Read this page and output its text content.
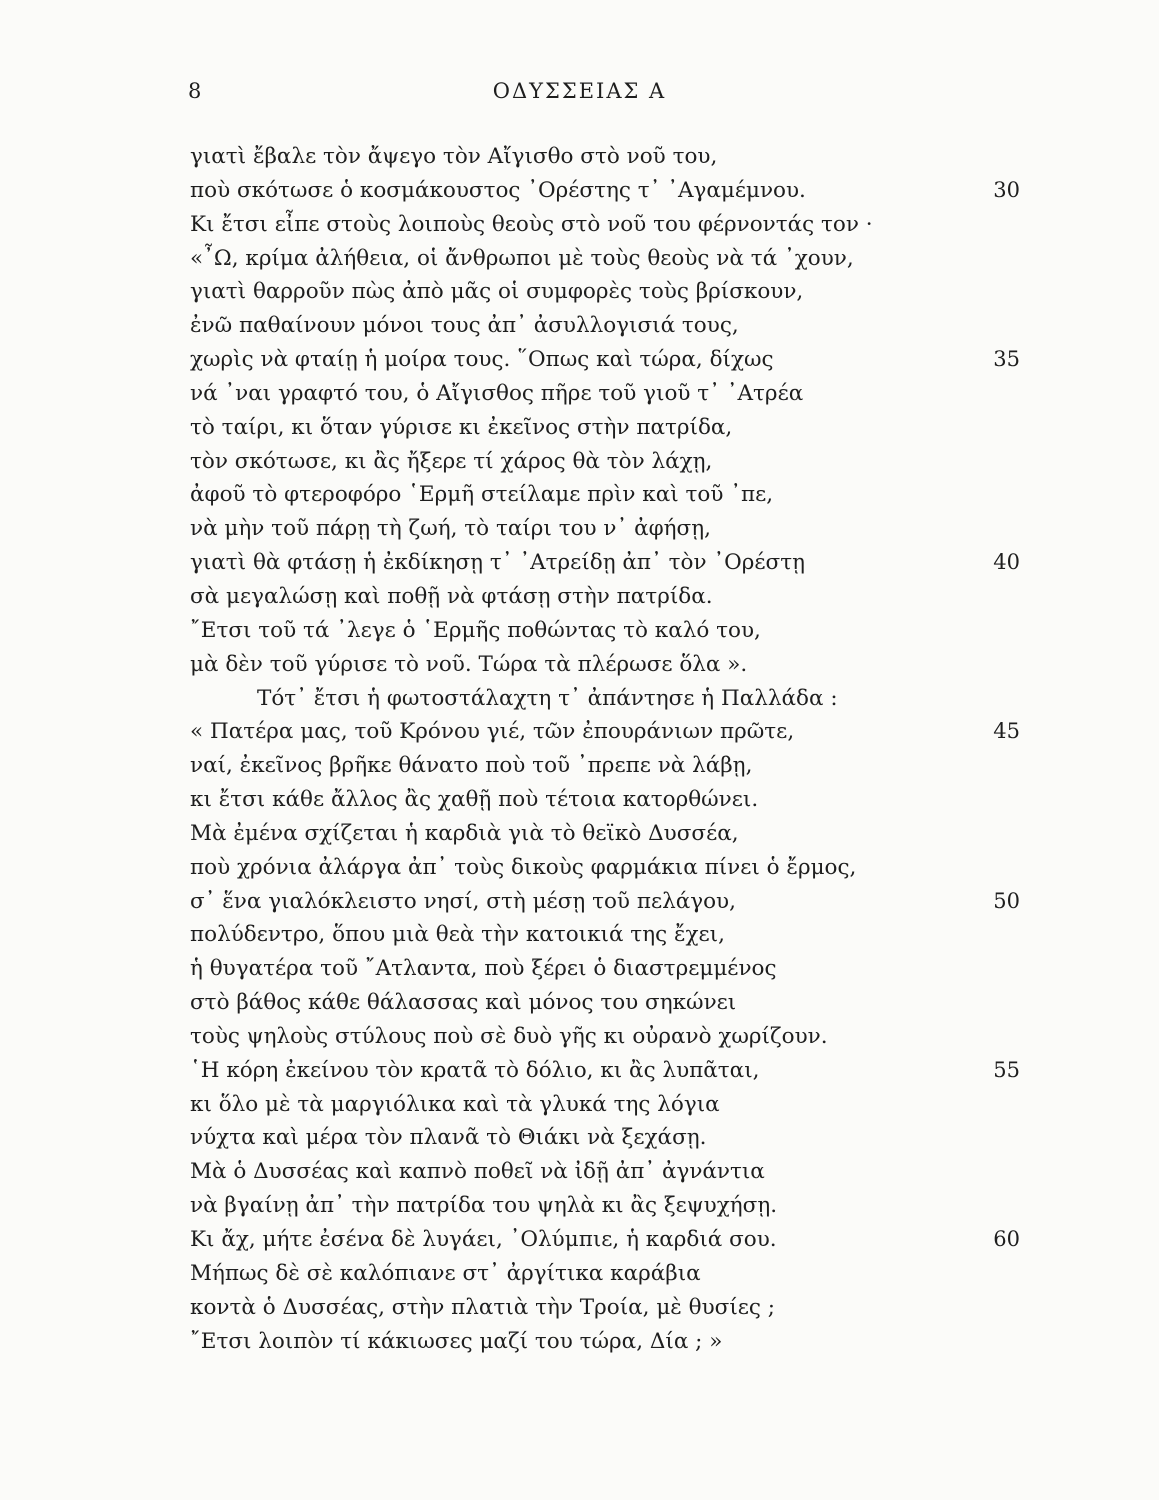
8	ΟΔΥΣΣΕΙΑΣ Α
γιατὶ ἔβαλε τὸν ἄψεγο τὸν Αἴγισθο στὸ νοῦ του,
ποὺ σκότωσε ὁ κοσμάκουστος ᾿Ορέστης τ᾿ ᾿Αγαμέμνου.	30
Κι ἔτσι εἶπε στοὺς λοιποὺς θεοὺς στὸ νοῦ του φέρνοντάς τον ·
«῏Ω, κρίμα ἀλήθεια, οἱ ἄνθρωποι μὲ τοὺς θεοὺς νὰ τά ᾿χουν,
γιατὶ θαρροῦν πὼς ἀπὸ μᾶς οἱ συμφορὲς τοὺς βρίσκουν,
ἐνῶ παθαίνουν μόνοι τους ἀπ᾿ ἀσυλλογισιά τους,
χωρὶς νὰ φταίῃ ἡ μοίρα τους. ῞Οπως καὶ τώρα, δίχως	35
νά ᾿ναι γραφτό του, ὁ Αἴγισθος πῆρε τοῦ γιοῦ τ᾿ ᾿Ατρέα
τὸ ταίρι, κι ὅταν γύρισε κι ἐκεῖνος στὴν πατρίδα,
τὸν σκότωσε, κι ἂς ἤξερε τί χάρος θὰ τὸν λάχῃ,
ἀφοῦ τὸ φτεροφόρο ῾Ερμῆ στείλαμε πρὶν καὶ τοῦ ᾿πε,
νὰ μὴν τοῦ πάρῃ τὴ ζωή, τὸ ταίρι του ν᾿ ἀφήσῃ,
γιατὶ θὰ φτάσῃ ἡ ἐκδίκησῃ τ᾿ ᾿Ατρείδῃ ἀπ᾿ τὸν ᾿Ορέστῃ	40
σὰ μεγαλώσῃ καὶ ποθῇ νὰ φτάσῃ στὴν πατρίδα.
῎Ετσι τοῦ τά ᾿λεγε ὁ ῾Ερμῆς ποθώντας τὸ καλό του,
μὰ δὲν τοῦ γύρισε τὸ νοῦ. Τώρα τὰ πλέρωσε ὅλα ».
Τότ᾿ ἔτσι ἡ φωτοστάλαχτη τ᾿ ἀπάντησε ἡ Παλλάδα :
« Πατέρα μας, τοῦ Κρόνου γιέ, τῶν ἐπουράνιων πρῶτε,	45
ναί, ἐκεῖνος βρῆκε θάνατο ποὺ τοῦ ᾿πρεπε νὰ λάβῃ,
κι ἔτσι κάθε ἄλλος ἂς χαθῇ ποὺ τέτοια κατορθώνει.
Μὰ ἐμένα σχίζεται ἡ καρδιὰ γιὰ τὸ θεϊκὸ Δυσσέα,
ποὺ χρόνια ἀλάργα ἀπ᾿ τοὺς δικοὺς φαρμάκια πίνει ὁ ἔρμος,
σ᾿ ἕνα γιαλόκλειστο νησί, στὴ μέσῃ τοῦ πελάγου,	50
πολύδεντρο, ὅπου μιὰ θεὰ τὴν κατοικιά της ἔχει,
ἡ θυγατέρα τοῦ ῎Ατλαντα, ποὺ ξέρει ὁ διαστρεμμένος
στὸ βάθος κάθε θάλασσας καὶ μόνος του σηκώνει
τοὺς ψηλοὺς στύλους ποὺ σὲ δυὸ γῆς κι οὐρανὸ χωρίζουν.
῾Η κόρη ἐκείνου τὸν κρατᾶ τὸ δόλιο, κι ἂς λυπᾶται,	55
κι ὅλο μὲ τὰ μαργιόλικα καὶ τὰ γλυκά της λόγια
νύχτα καὶ μέρα τὸν πλανᾶ τὸ Θιάκι νὰ ξεχάσῃ.
Μὰ ὁ Δυσσέας καὶ καπνὸ ποθεῖ νὰ ἰδῇ ἀπ᾿ ἀγνάντια
νὰ βγαίνῃ ἀπ᾿ τὴν πατρίδα του ψηλὰ κι ἂς ξεψυχήσῃ.
Κι ἄχ, μήτε ἐσένα δὲ λυγάει, ᾿Ολύμπιε, ἡ καρδιά σου.	60
Μήπως δὲ σὲ καλόπιανε στ᾿ ἀργίτικα καράβια
κοντὰ ὁ Δυσσέας, στὴν πλατιὰ τὴν Τροία, μὲ θυσίες ;
῎Ετσι λοιπὸν τί κάκιωσες μαζί του τώρα, Δία ; »
